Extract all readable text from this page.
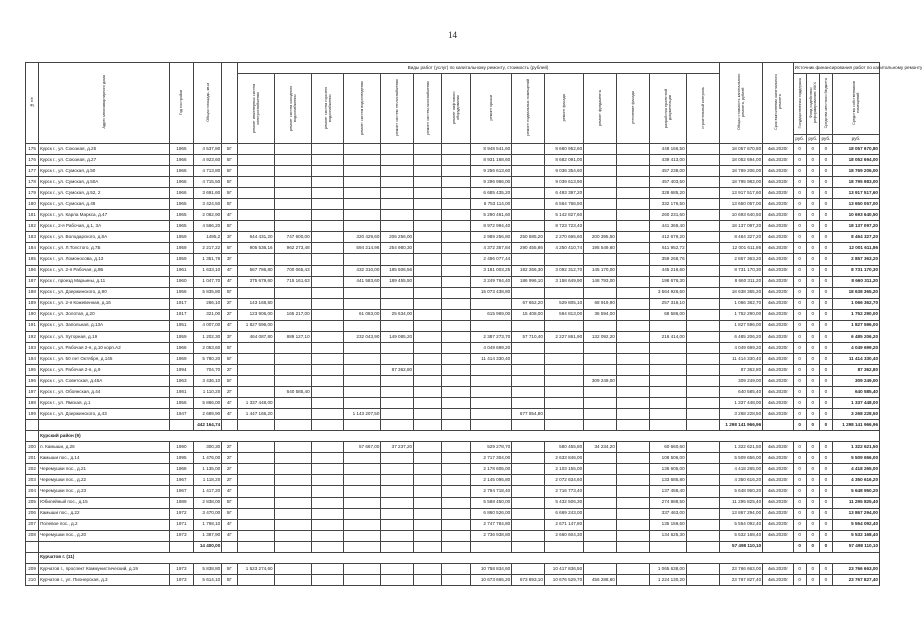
14
№ п/п	Адрес многоквартирного дома	Год постройки	Общая площадь, кв.м		Виды работ (услуг) по капитальному ремонту, стоимость (рублей)														Общая стоимость капитального ремонта, рублей	Срок выполнения капитального ремонта	Источник финансирования работ по капитальному ремонту			
					ремонт инженерных систем электроснабжения	ремонт систем холодного водоснабжения	ремонт систем горячего водоснабжения	ремонт систем водоотведения	ремонт систем теплоснабжения	ремонт систем газоснабжения	ремонт лифтового оборудования	ремонт крыши	ремонт подвальных помещений	ремонт фасада	ремонт фундамента	утепление фасада	разработка проектной документации	строительный контроль			Государственная поддержка	Фонд содействия реформированию ЖКХ	Средства местного бюджета	Средства собственников помещений
																					руб.	руб.	руб.	руб.
175	Курск г., ул. Союзная, д.25	1965	4 537,80	5Г								8 948 541,60		8 660 952,60			448 166,50		18 057 670,80	4кв.2020г	0	0	0	18 057 670,80
176	Курск г., ул. Союзная, д.27	1966	4 923,60	5Г								8 931 168,60		8 682 091,00			439 413,00		18 052 694,00	4кв.2020г	0	0	0	18 052 694,00
177	Курск г., ул. Сумская, д.50	1966	4 713,80	5Г								9 256 613,60		9 036 354,60			457 238,00		18 769 206,00	4кв.2020г	0	0	0	18 769 206,00
178	Курск г., ул. Сумская, д.50А	1966	4 715,50	5Г								9 296 966,00		9 039 613,90			457 403,50		18 795 983,00	4кв.2020г	0	0	0	18 795 983,00
179	Курск г., ул. Сумская, д.52, 2	1966	3 691,60	5Г								6 685 435,20		6 493 397,20			328 685,20		13 917 517,60	4кв.2020г	0	0	0	13 917 517,60
180	Курск г., ул. Сумская, д.48	1965	3 424,50	5Г								6 753 114,00		6 564 766,50			332 176,50		13 650 057,00	4кв.2020г	0	0	0	13 650 057,00
181	Курск г., ул. Карла Маркса, д.47	1965	2 082,90	4Г								5 290 461,60		5 142 827,60			260 231,60		10 693 640,50	4кв.2020г	0	0	0	10 693 640,50
182	Курск г., 2-я Рабочая, д.1, 3А	1965	4 566,20	5Г								8 972 994,40		8 723 723,40			441 369,40		18 137 097,20	4кв.2020г	0	0	0	18 137 097,20
183	Курск г., ул. Володарского, д.8А	1959	1495,2	3Г	644 431,20	747 600,00		320 429,60	206 256,00			2 989 256,80	250 585,20	2 270 665,60	200 395,50		412 679,20		8 464 327,20	4кв.2020г	0	0	0	8 464 327,20
184	Курск г., ул. Л.Толстого, д.7Б	1959	2 217,22	5Г	905 536,16	962 273,48		594 214,96	254 980,30			4 372 357,84	290 455,86	4 250 410,74	195 549,60		611 952,72		12 001 611,86	4кв.2020г	0	0	0	12 001 611,86
185	Курск г., ул. Ломоносова, д.13	1959	1 351,78	3Г								2 496 077,44					359 268,76		2 857 363,20	4кв.2020г	0	0	0	2 857 363,20
186	Курск г., ул. 2-я Рабочая, д.9Б	1961	1 633,10	4Г	567 786,80	700 065,43		432 310,00	185 506,56			3 181 003,25	182 266,30	3 092 312,70	145 170,00		445 216,60		8 731 170,30	4кв.2020г	0	0	0	8 731 170,30
187	Курск г., проезд Марьины, д.11	1960	1 047,70	4Г	375 679,60	715 161,63		441 583,60	189 455,50			3 249 764,40	186 996,10	3 158 649,90	148 793,00		198 676,30		8 660 311,20	4кв.2020г	0	0	0	8 660 311,20
188	Курск г., ул. Дзержинского, д.90	1956	5 835,80	5Г								15 073 438,80					3 564 926,60		18 638 365,20	4кв.2020г	0	0	0	18 638 365,20
189	Курск г., ул. 2-я Кожевенная, д.16	1917	266,10	2Г	143 168,80								67 652,20	529 805,10	68 919,90		257 316,10		1 066 362,70	4кв.2020г	0	0	0	1 066 362,70
190	Курск г., ул. Золотая, д.20	1917	321,00	2Г	123 906,00	165 217,00		61 063,00	25 634,00			615 969,00	15 408,00	594 813,00	36 594,00		68 586,00		1 752 290,00	4кв.2020г	0	0	0	1 752 290,00
191	Курск г., ул. Запольная, д.13А	1951	4 007,00	4Г	1 827 596,00														1 827 596,00	4кв.2020г	0	0	0	1 827 596,00
192	Курск г., ул. Хуторная, д.19	1959	1 202,30	3Г	464 087,80	889 127,10		232 043,90	149 085,20			2 387 273,70	57 710,40	2 227 861,90	132 092,20		216 414,00		6 485 206,20	4кв.2020г	0	0	0	6 485 206,20
193	Курск г., ул. Рабочая 2-я, д.10 корп.А2	1966	2 053,60	5Г								4 049 699,20							4 049 699,20	4кв.2020г	0	0	0	4 049 699,20
194	Курск г., ул. 50 лет Октября, д.145	1969	5 780,20	5Г								11 414 330,40							11 414 330,40	4кв.2020г	0	0	0	11 414 330,40
195	Курск г., ул. Рабочая 2-я, д.9	1994	704,70	2Г					87 362,80										87 362,80	4кв.2020г	0	0	0	87 362,80
196	Курск г., ул. Советская, д.45А	1963	3 436,10	5Г											309 249,00				309 249,00	4кв.2020г	0	0	0	309 249,00
197	Курск г., ул. Обоянская, д.44	1981	1 110,20	2Г		640 585,40													640 585,40	4кв.2020г	0	0	0	640 585,40
198	Курск г., ул. Ямская, д.1	1956	5 866,00	4Г	1 337 448,00														1 337 448,00	4кв.2020г	0	0	0	1 337 448,00
199	Курск г., ул. Дзержинского, д.43	1947	2 689,90	4Г	1 447 166,20			1 143 207,50					677 854,80						3 268 228,50	4кв.2020г	0	0	0	3 268 228,50
			442 164,74																1 298 141 966,96		0	0	0	1 298 141 966,96
	Курский район (9)																							
200	п. Камыши, д.26	1990	300,30	2Г				57 667,00	37 237,20			529 278,70		580 455,80	34 234,20		60 660,60		1 322 621,50	4кв.2020г	0	0	0	1 322 621,50
201	Камыши пос., д.14	1995	1 476,00	2Г								2 717 304,00		2 633 846,00			108 506,00		5 509 656,00	4кв.2020г	0	0	0	5 509 656,00
202	Черемушки пос., д.21	1968	1 135,00	2Г								2 178 605,00		2 103 155,00			136 605,00		4 418 265,00	4кв.2020г	0	0	0	4 418 265,00
203	Черемушки пос., д.22	1967	1 118,20	2Г								2 145 095,80		2 072 834,60			133 685,80		4 350 616,20	4кв.2020г	0	0	0	4 350 616,20
204	Черемушки пос., д.23	1967	1 417,20	4Г								2 794 718,40		2 716 773,40			137 458,40		5 648 950,20	4кв.2020г	0	0	0	5 648 950,20
205	Юбилейный пос., д.15	1989	2 838,00	5Г								5 588 450,00		5 432 506,30			274 888,50		11 295 825,40	4кв.2020г	0	0	0	11 295 825,40
206	Камыши пос., д.22	1972	3 470,00	5Г								6 860 526,00		6 669 243,00			337 463,00		13 867 294,00	4кв.2020г	0	0	0	13 867 294,00
207	Полевое пос., д.2	1971	1 768,10	4Г								2 747 784,80		2 671 147,80			135 159,60		5 554 092,40	4кв.2020г	0	0	0	5 554 092,40
208	Черемушки пос., д.20	1973	1 387,90	4Г								2 736 938,80		2 660 604,30			134 625,30		5 532 168,40	4кв.2020г	0	0	0	5 532 168,40
			14 400,00																57 498 110,10		0	0	0	57 498 110,10
	Курчатов г. (11)																							
209	Курчатов г., проспект Коммунистический, д.19	1973	5 838,80	5Г	1 523 274,60							10 758 834,60		10 417 836,50			1 065 638,00		23 766 663,00	4кв.2020г	0	0	0	23 766 663,00
210	Курчатов г., ул. Пионерская, д.3	1973	5 614,10	5Г								10 673 665,20	673 893,10	10 676 529,70	456 288,60		1 224 130,20		23 767 827,40	4кв.2020г	0	0	0	23 767 827,40
